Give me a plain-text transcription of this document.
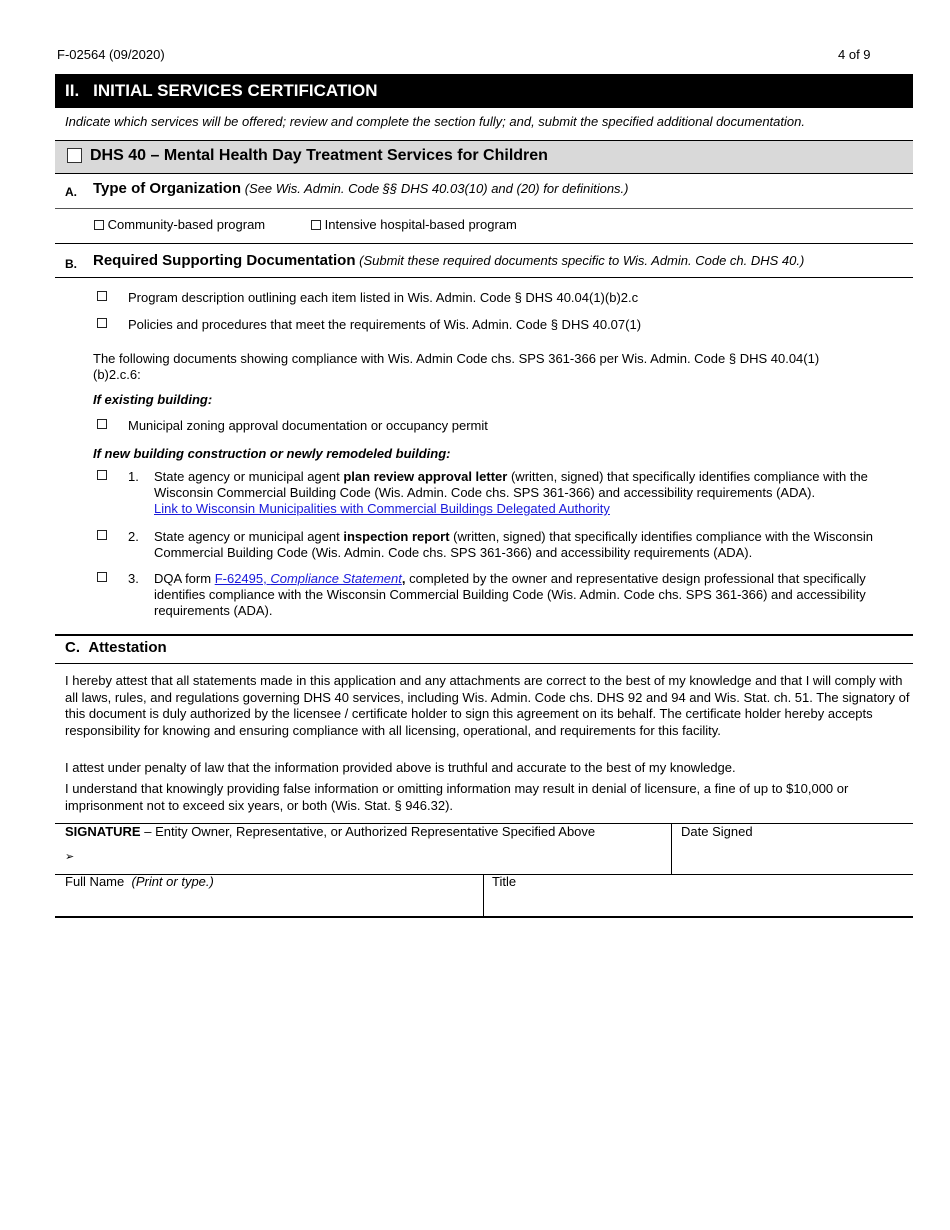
F-02564 (09/2020)	4 of 9
II. INITIAL SERVICES CERTIFICATION
Indicate which services will be offered; review and complete the section fully; and, submit the specified additional documentation.
DHS 40 – Mental Health Day Treatment Services for Children
A. Type of Organization (See Wis. Admin. Code §§ DHS 40.03(10) and (20) for definitions.)
Community-based program	Intensive hospital-based program
B. Required Supporting Documentation (Submit these required documents specific to Wis. Admin. Code ch. DHS 40.)
Program description outlining each item listed in Wis. Admin. Code § DHS 40.04(1)(b)2.c
Policies and procedures that meet the requirements of Wis. Admin. Code § DHS 40.07(1)
The following documents showing compliance with Wis. Admin Code chs. SPS 361-366 per Wis. Admin. Code § DHS 40.04(1)(b)2.c.6:
If existing building:
Municipal zoning approval documentation or occupancy permit
If new building construction or newly remodeled building:
1. State agency or municipal agent plan review approval letter (written, signed) that specifically identifies compliance with the Wisconsin Commercial Building Code (Wis. Admin. Code chs. SPS 361-366) and accessibility requirements (ADA).
Link to Wisconsin Municipalities with Commercial Buildings Delegated Authority
2. State agency or municipal agent inspection report (written, signed) that specifically identifies compliance with the Wisconsin Commercial Building Code (Wis. Admin. Code chs. SPS 361-366) and accessibility requirements (ADA).
3. DQA form F-62495, Compliance Statement, completed by the owner and representative design professional that specifically identifies compliance with the Wisconsin Commercial Building Code (Wis. Admin. Code chs. SPS 361-366) and accessibility requirements (ADA).
C. Attestation
I hereby attest that all statements made in this application and any attachments are correct to the best of my knowledge and that I will comply with all laws, rules, and regulations governing DHS 40 services, including Wis. Admin. Code chs. DHS 92 and 94 and Wis. Stat. ch. 51. The signatory of this document is duly authorized by the licensee / certificate holder to sign this agreement on its behalf. The certificate holder hereby accepts responsibility for knowing and ensuring compliance with all licensing, operational, and requirements for this facility.
I attest under penalty of law that the information provided above is truthful and accurate to the best of my knowledge.
I understand that knowingly providing false information or omitting information may result in denial of licensure, a fine of up to $10,000 or imprisonment not to exceed six years, or both (Wis. Stat. § 946.32).
SIGNATURE – Entity Owner, Representative, or Authorized Representative Specified Above
➢
Date Signed
Full Name (Print or type.)	Title
